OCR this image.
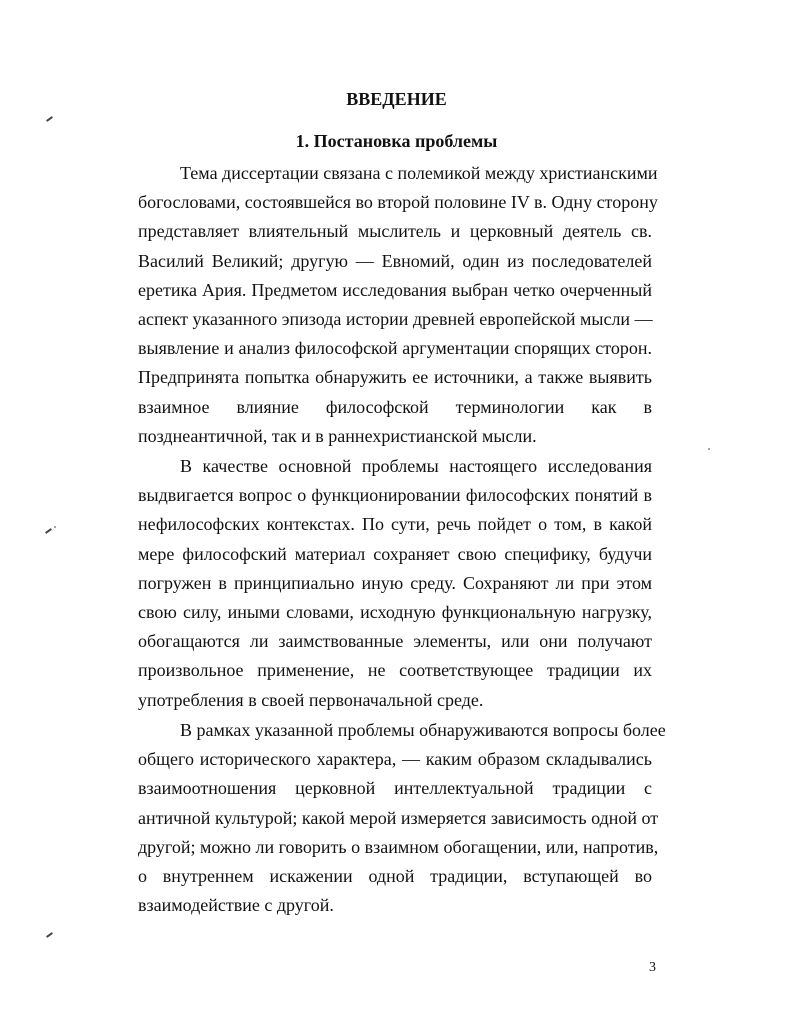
ВВЕДЕНИЕ
1. Постановка проблемы
Тема диссертации связана с полемикой между христианскими
богословами, состоявшейся во второй половине IV в. Одну сторону
представляет влиятельный мыслитель и церковный деятель св.
Василий Великий; другую — Евномий, один из последователей
еретика Ария. Предметом исследования выбран четко очерченный
аспект указанного эпизода истории древней европейской мысли —
выявление и анализ философской аргументации спорящих сторон.
Предпринята попытка обнаружить ее источники, а также выявить
взаимное влияние философской терминологии как в
позднеантичной, так и в раннехристианской мысли.
В качестве основной проблемы настоящего исследования
выдвигается вопрос о функционировании философских понятий в
нефилософских контекстах. По сути, речь пойдет о том, в какой
мере философский материал сохраняет свою специфику, будучи
погружен в принципиально иную среду. Сохраняют ли при этом
свою силу, иными словами, исходную функциональную нагрузку,
обогащаются ли заимствованные элементы, или они получают
произвольное применение, не соответствующее традиции их
употребления в своей первоначальной среде.
В рамках указанной проблемы обнаруживаются вопросы более
общего исторического характера, — каким образом складывались
взаимоотношения церковной интеллектуальной традиции с
античной культурой; какой мерой измеряется зависимость одной от
другой; можно ли говорить о взаимном обогащении, или, напротив,
о внутреннем искажении одной традиции, вступающей во
взаимодействие с другой.
3
